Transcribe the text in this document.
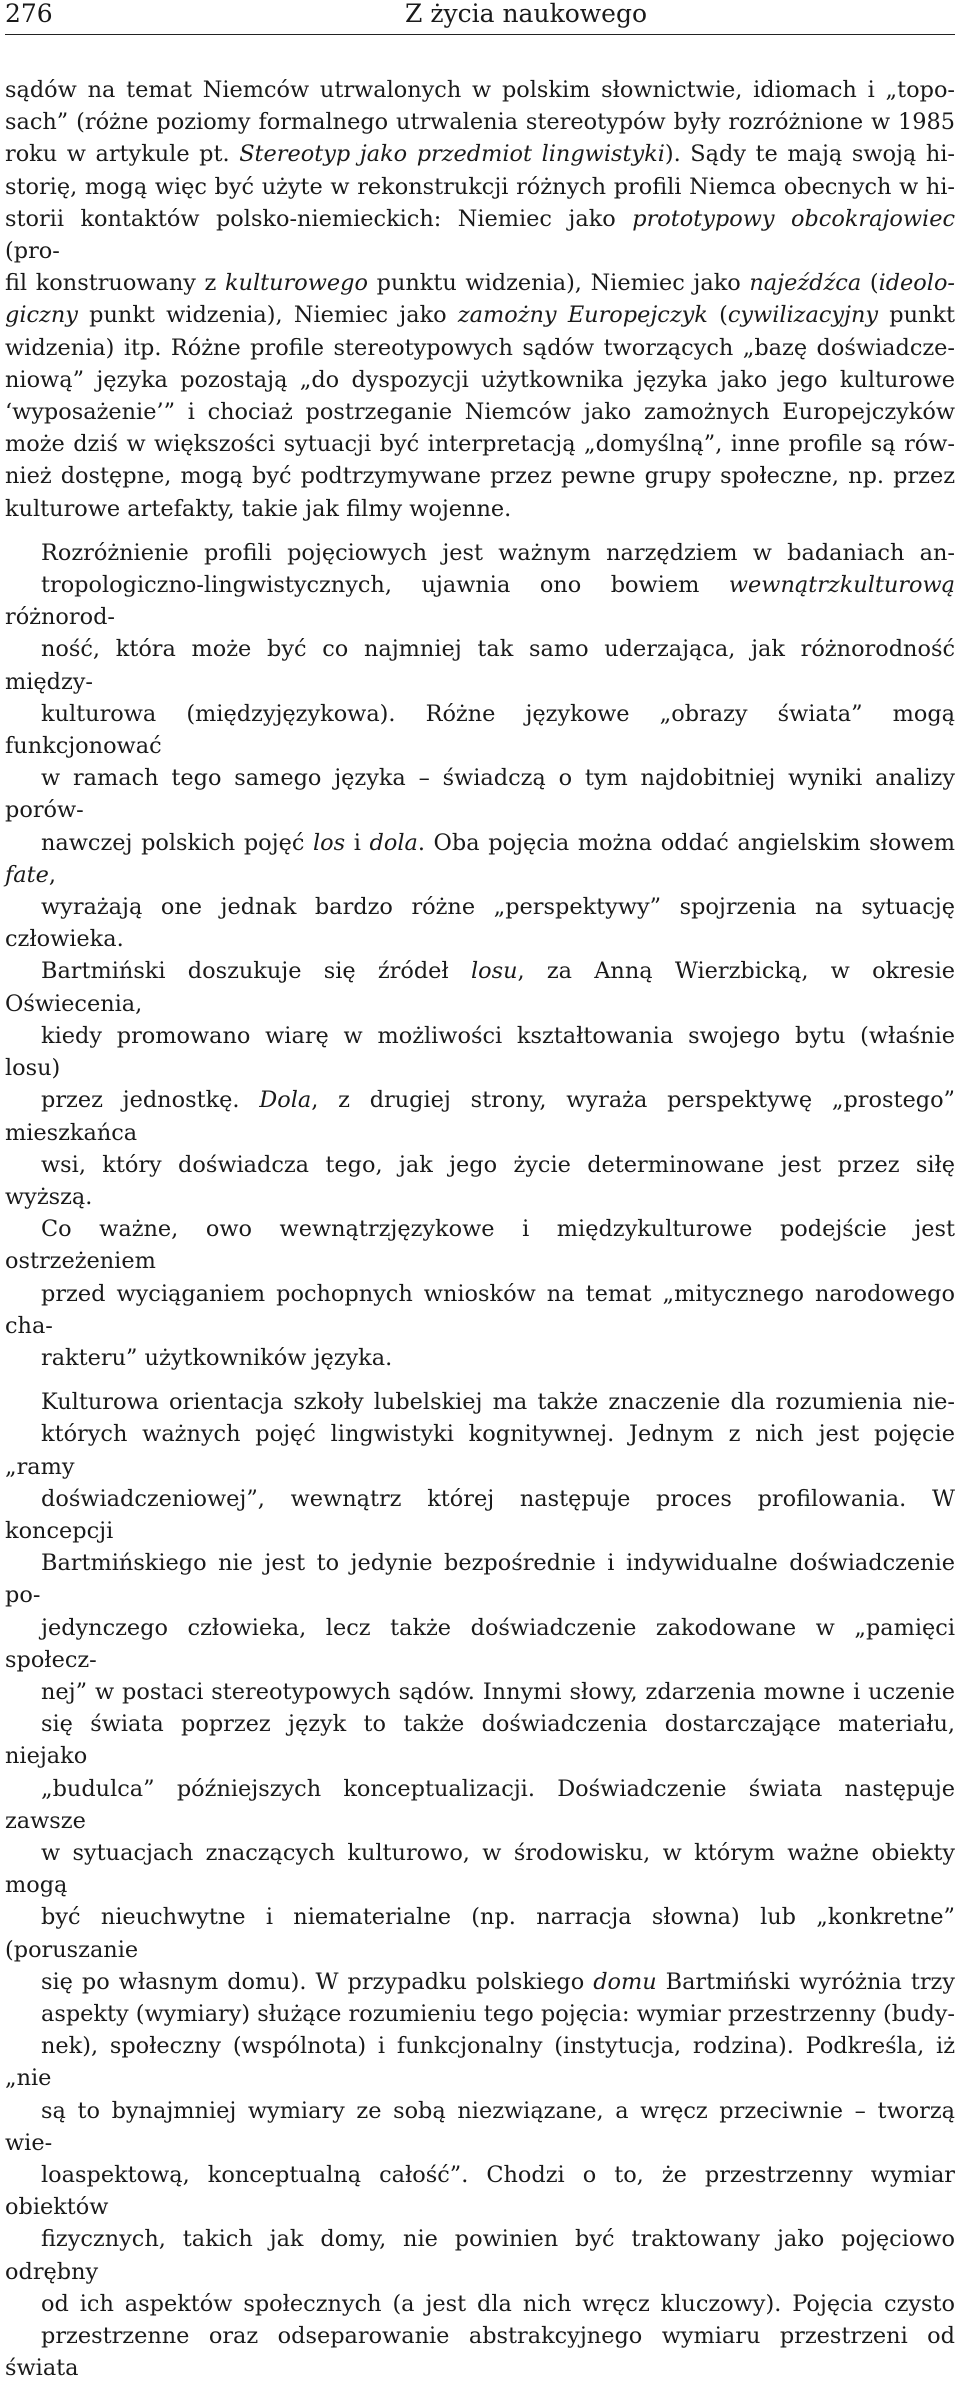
276	Z życia naukowego
sądów na temat Niemców utrwalonych w polskim słownictwie, idiomach i „topo-
sach” (różne poziomy formalnego utrwalenia stereotypów były rozróżnione w 1985
roku w artykule pt. Stereotyp jako przedmiot lingwistyki). Sądy te mają swoją hi-
storię, mogą więc być użyte w rekonstrukcji różnych profili Niemca obecnych w hi-
storii kontaktów polsko-niemieckich: Niemiec jako prototypowy obcokrajowiec (pro-
fil konstruowany z kulturowego punktu widzenia), Niemiec jako najeźdźca (ideolo-
giczny punkt widzenia), Niemiec jako zamożny Europejczyk (cywilizacyjny punkt
widzenia) itp. Różne profile stereotypowych sądów tworzących „bazę doświadcze-
niową” języka pozostają „do dyspozycji użytkownika języka jako jego kulturowe
‘wyposażenie’” i chociaż postrzeganie Niemców jako zamożnych Europejczyków
może dziś w większości sytuacji być interpretacją „domyślną”, inne profile są rów-
nież dostępne, mogą być podtrzymywane przez pewne grupy społeczne, np. przez
kulturowe artefakty, takie jak filmy wojenne.
Rozróżnienie profili pojęciowych jest ważnym narzędziem w badaniach an-
tropologiczno-lingwistycznych, ujawnia ono bowiem wewnątrzkulturową różnorod-
ność, która może być co najmniej tak samo uderzająca, jak różnorodność między-
kulturowa (międzyjęzykowa). Różne językowe „obrazy świata” mogą funkcjonować
w ramach tego samego języka – świadczą o tym najdobitniej wyniki analizy porów-
nawczej polskich pojęć los i dola. Oba pojęcia można oddać angielskim słowem fate,
wyrażają one jednak bardzo różne „perspektywy” spojrzenia na sytuację człowieka.
Bartmiński doszukuje się źródeł losu, za Anną Wierzbicką, w okresie Oświecenia,
kiedy promowano wiarę w możliwości kształtowania swojego bytu (właśnie losu)
przez jednostkę. Dola, z drugiej strony, wyraża perspektywę „prostego” mieszkańca
wsi, który doświadcza tego, jak jego życie determinowane jest przez siłę wyższą.
Co ważne, owo wewnątrzjęzykowe i międzykulturowe podejście jest ostrzeżeniem
przed wyciąganiem pochopnych wniosków na temat „mitycznego narodowego cha-
rakteru” użytkowników języka.
Kulturowa orientacja szkoły lubelskiej ma także znaczenie dla rozumienia nie-
których ważnych pojęć lingwistyki kognitywnej. Jednym z nich jest pojęcie „ramy
doświadczeniowej”, wewnątrz której następuje proces profilowania. W koncepcji
Bartmińskiego nie jest to jedynie bezpośrednie i indywidualne doświadczenie po-
jedynczego człowieka, lecz także doświadczenie zakodowane w „pamięci społecz-
nej” w postaci stereotypowych sądów. Innymi słowy, zdarzenia mowne i uczenie
się świata poprzez język to także doświadczenia dostarczające materiału, niejako
„budulca” późniejszych konceptualizacji. Doświadczenie świata następuje zawsze
w sytuacjach znaczących kulturowo, w środowisku, w którym ważne obiekty mogą
być nieuchwytne i niematerialne (np. narracja słowna) lub „konkretne” (poruszanie
się po własnym domu). W przypadku polskiego domu Bartmiński wyróżnia trzy
aspekty (wymiary) służące rozumieniu tego pojęcia: wymiar przestrzenny (budy-
nek), społeczny (wspólnota) i funkcjonalny (instytucja, rodzina). Podkreśla, iż „nie
są to bynajmniej wymiary ze sobą niezwiązane, a wręcz przeciwnie – tworzą wie-
loaspektową, konceptualną całość”. Chodzi o to, że przestrzenny wymiar obiektów
fizycznych, takich jak domy, nie powinien być traktowany jako pojęciowo odrębny
od ich aspektów społecznych (a jest dla nich wręcz kluczowy). Pojęcia czysto
przestrzenne oraz odseparowanie abstrakcyjnego wymiaru przestrzeni od świata
